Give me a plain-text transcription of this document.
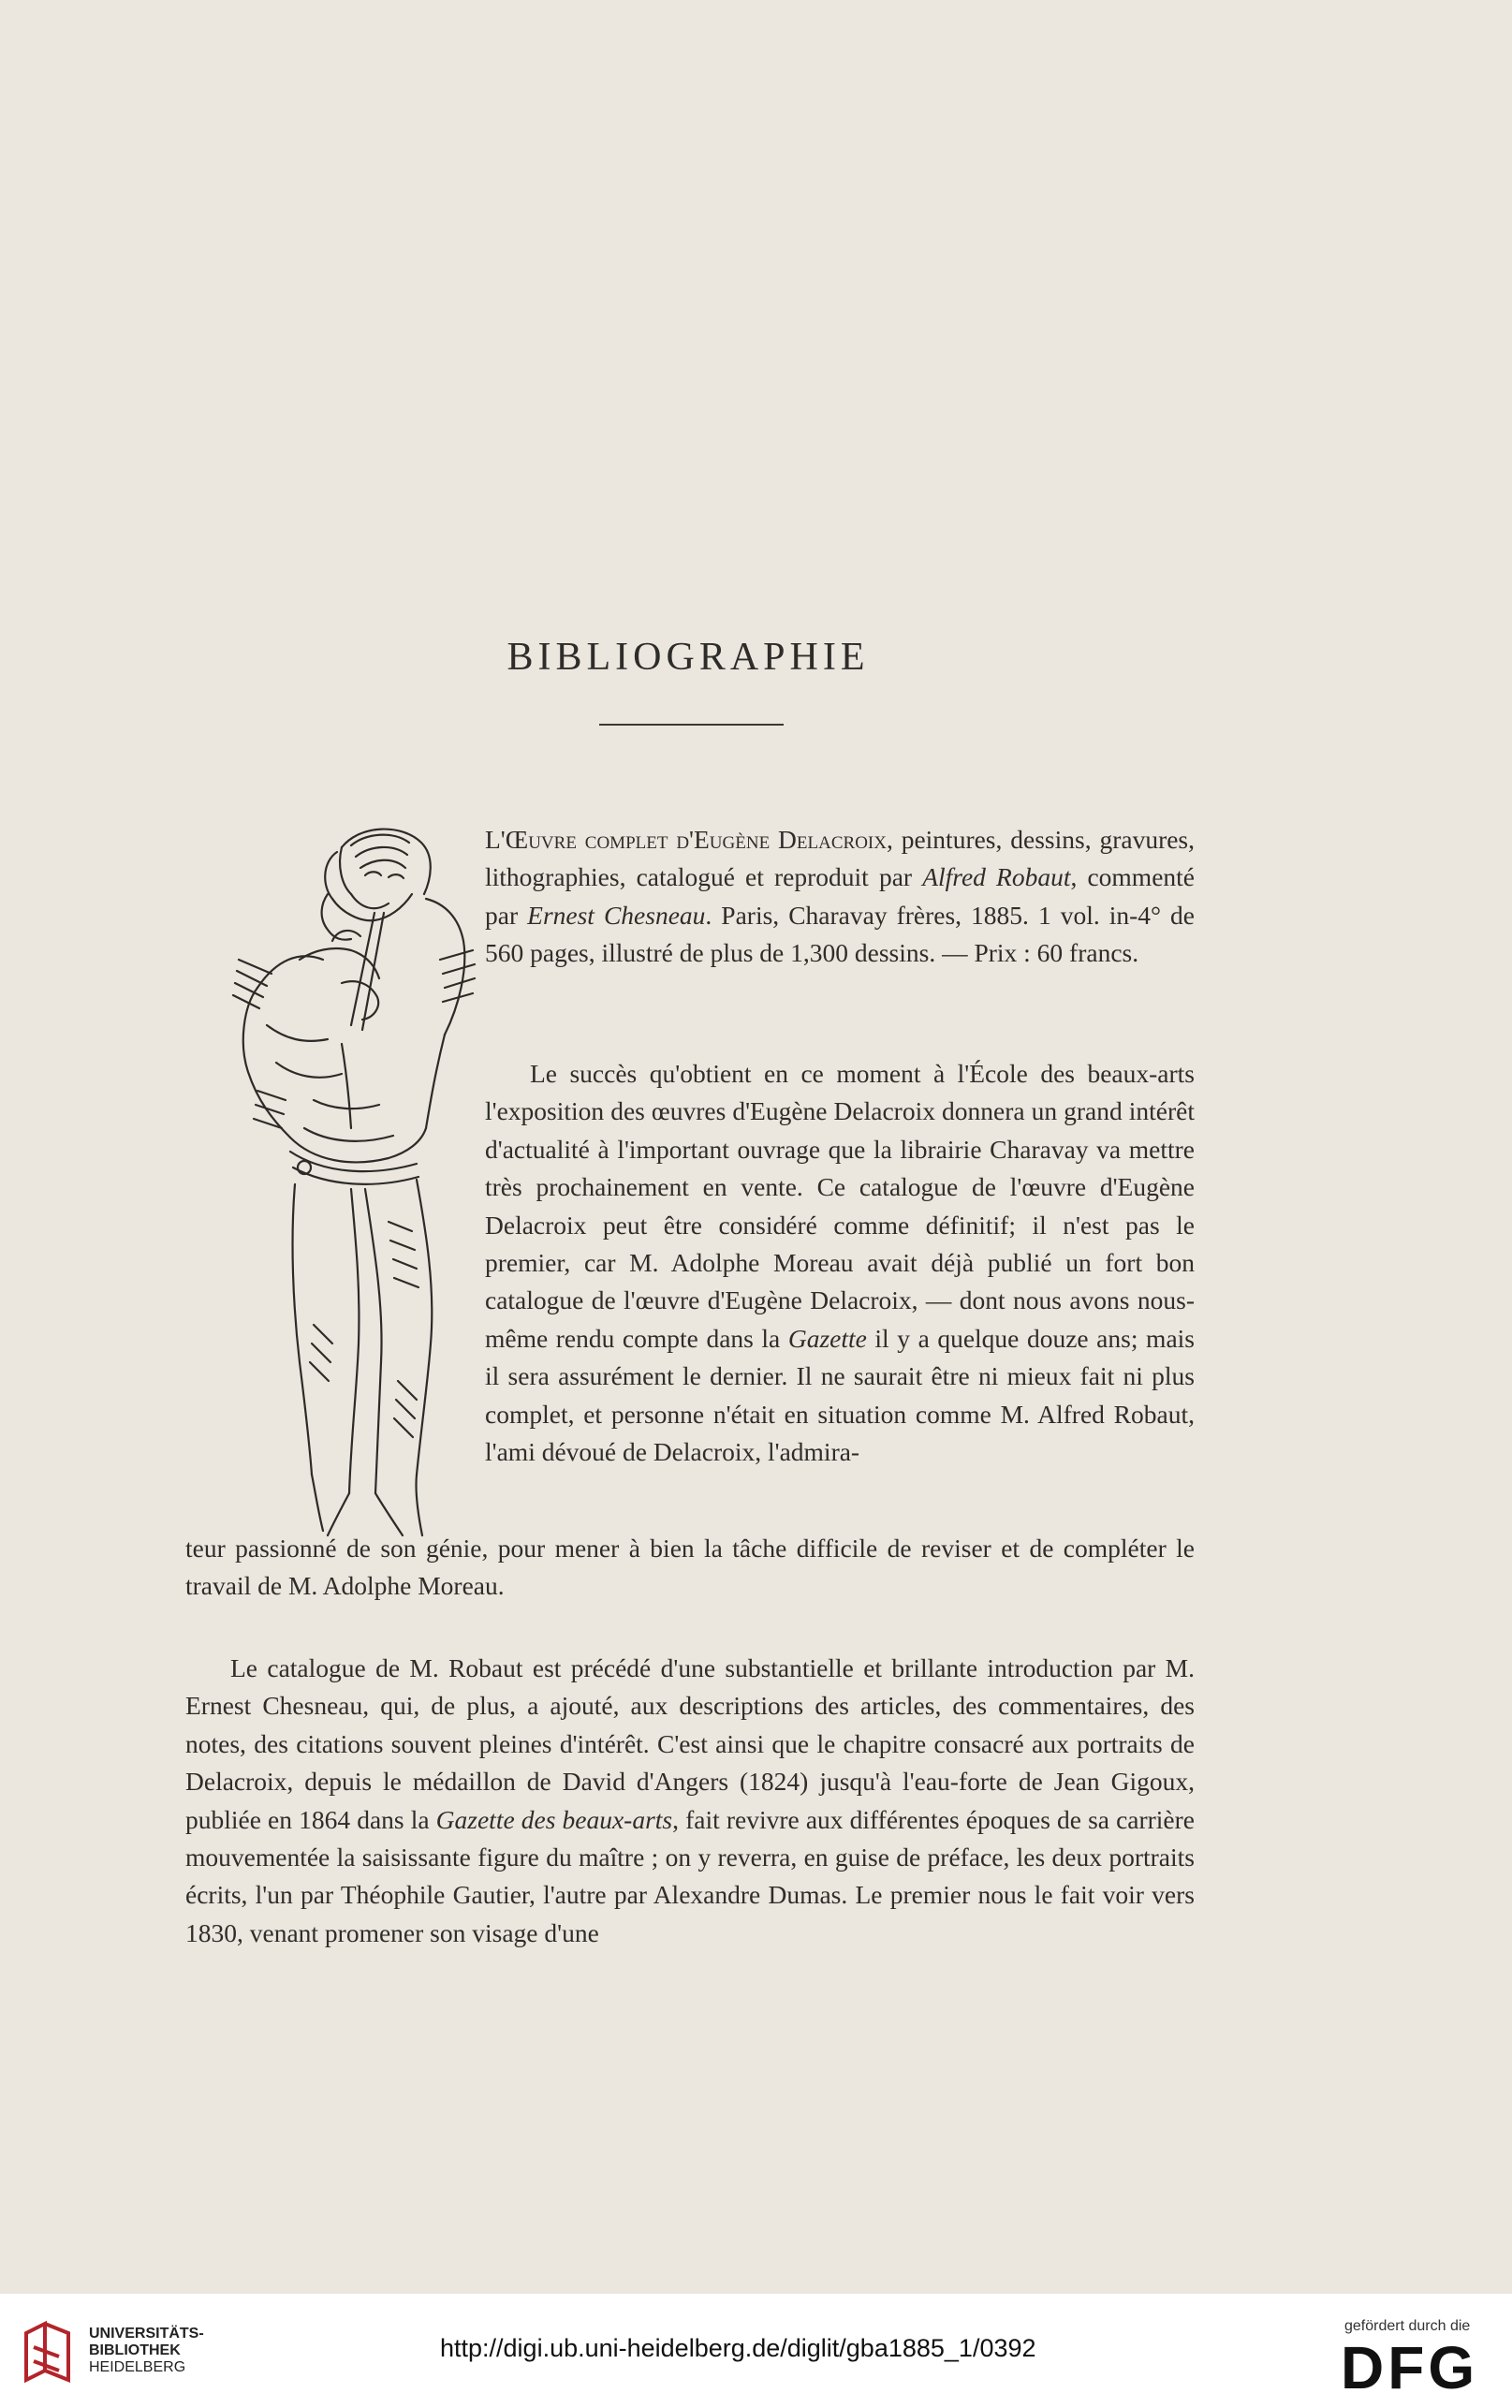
BIBLIOGRAPHIE
L'Œuvre complet d'Eugène Delacroix, peintures, dessins, gravures, lithographies, catalogué et reproduit par Alfred Robaut, commenté par Ernest Chesneau. Paris, Charavay frères, 1885. 1 vol. in-4° de 560 pages, illustré de plus de 1,300 dessins. — Prix : 60 francs.
Le succès qu'obtient en ce moment à l'École des beaux-arts l'exposition des œuvres d'Eugène Delacroix donnera un grand intérêt d'actualité à l'important ouvrage que la librairie Charavay va mettre très prochainement en vente. Ce catalogue de l'œuvre d'Eugène Delacroix peut être considéré comme définitif; il n'est pas le premier, car M. Adolphe Moreau avait déjà publié un fort bon catalogue de l'œuvre d'Eugène Delacroix, — dont nous avons nous-même rendu compte dans la Gazette il y a quelque douze ans; mais il sera assurément le dernier. Il ne saurait être ni mieux fait ni plus complet, et personne n'était en situation comme M. Alfred Robaut, l'ami dévoué de Delacroix, l'admira-
teur passionné de son génie, pour mener à bien la tâche difficile de reviser et de compléter le travail de M. Adolphe Moreau.
Le catalogue de M. Robaut est précédé d'une substantielle et brillante introduction par M. Ernest Chesneau, qui, de plus, a ajouté, aux descriptions des articles, des commentaires, des notes, des citations souvent pleines d'intérêt. C'est ainsi que le chapitre consacré aux portraits de Delacroix, depuis le médaillon de David d'Angers (1824) jusqu'à l'eau-forte de Jean Gigoux, publiée en 1864 dans la Gazette des beaux-arts, fait revivre aux différentes époques de sa carrière mouvementée la saisissante figure du maître ; on y reverra, en guise de préface, les deux portraits écrits, l'un par Théophile Gautier, l'autre par Alexandre Dumas. Le premier nous le fait voir vers 1830, venant promener son visage d'une
UNIVERSITÄTS-
BIBLIOTHEK
HEIDELBERG
http://digi.ub.uni-heidelberg.de/diglit/gba1885_1/0392
gefördert durch die
DFG
